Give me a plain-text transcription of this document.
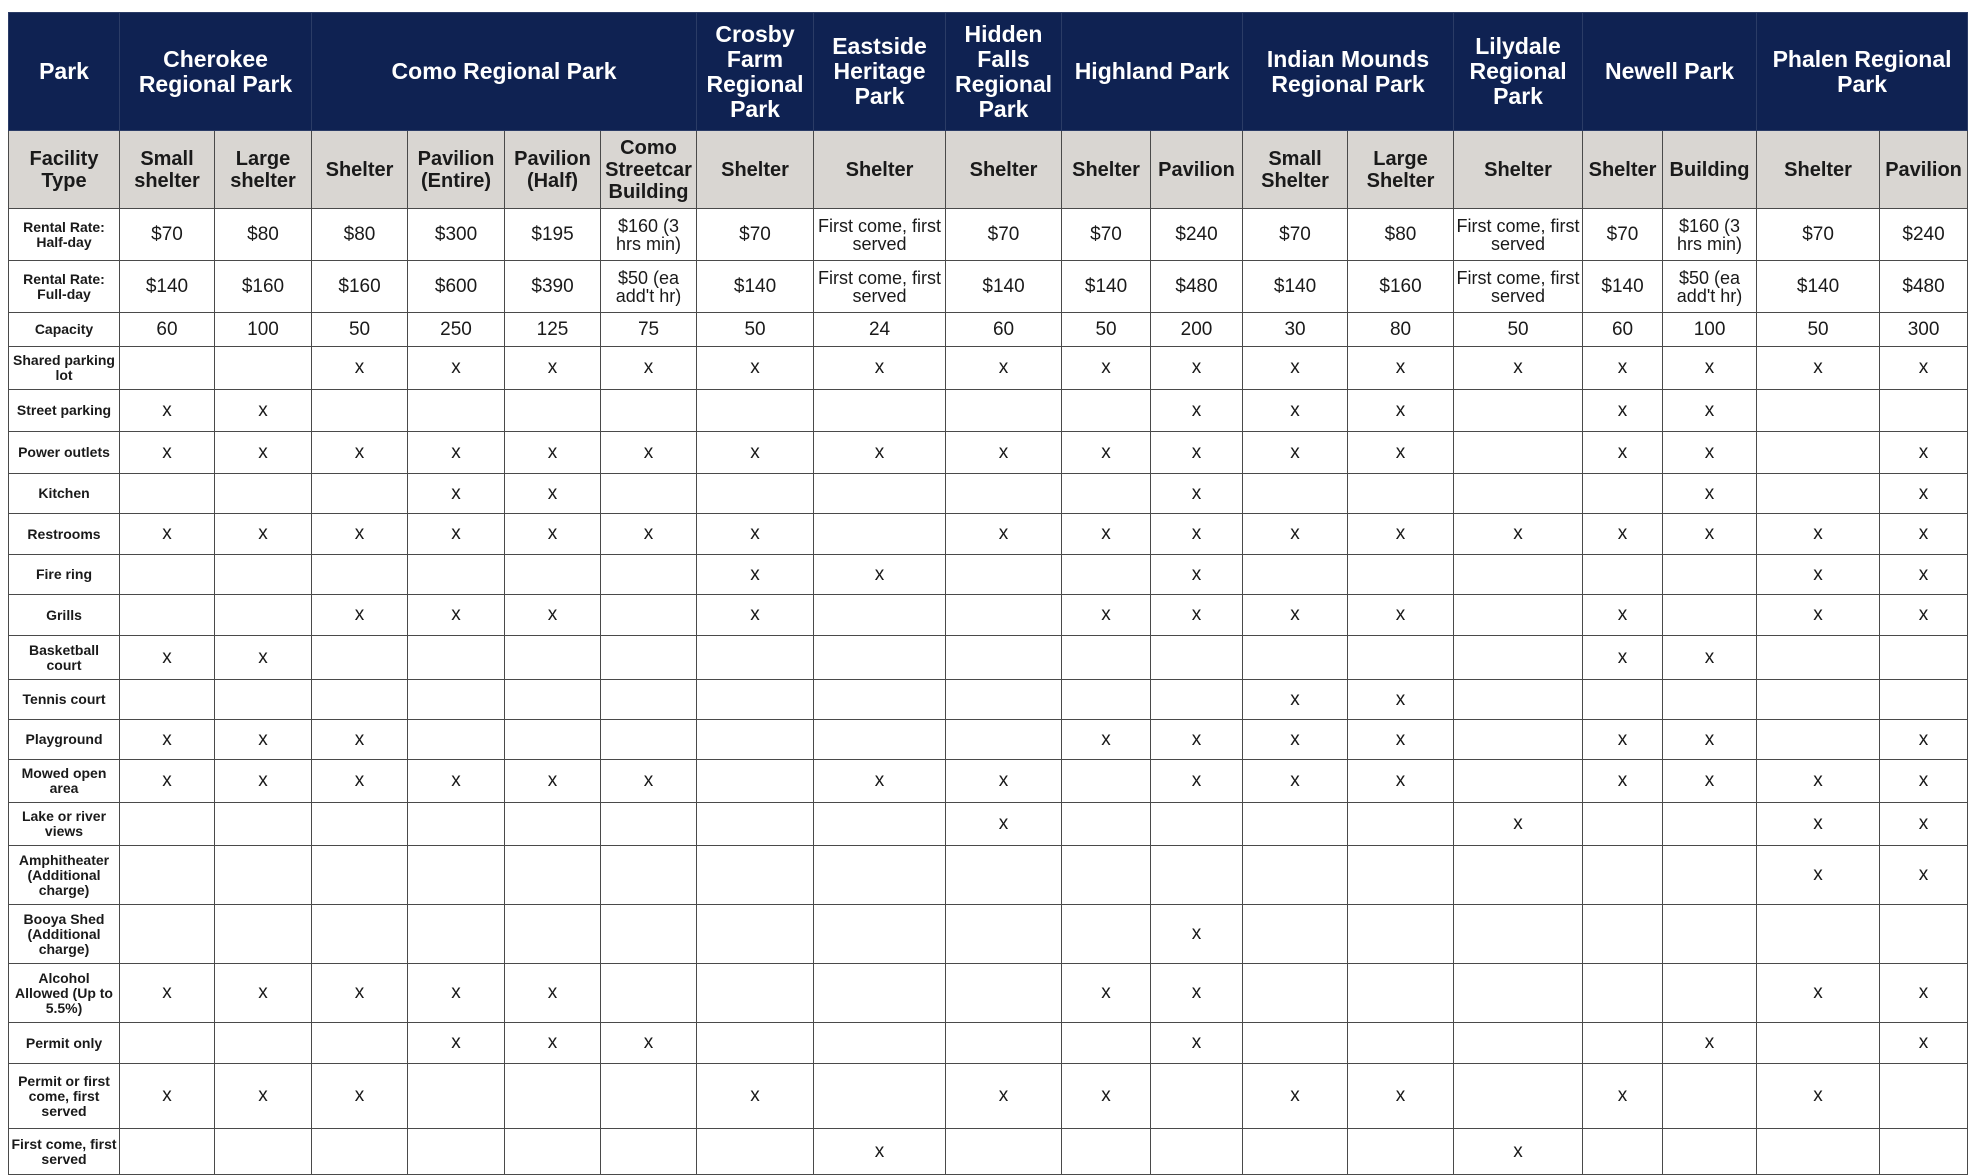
Park	Cherokee Regional Park		Como Regional Park				Crosby Farm Regional Park	Eastside Heritage Park	Hidden Falls Regional Park	Highland Park		Indian Mounds Regional Park		Lilydale Regional Park	Newell Park		Phalen Regional Park	
Facility Type	Small shelter	Large shelter	Shelter	Pavilion (Entire)	Pavilion (Half)	Como Streetcar Building	Shelter	Shelter	Shelter	Shelter	Pavilion	Small Shelter	Large Shelter	Shelter	Shelter	Building	Shelter	Pavilion
Rental Rate: Half-day	$70	$80	$80	$300	$195	$160 (3 hrs min)	$70	First come, first served	$70	$70	$240	$70	$80	First come, first served	$70	$160 (3 hrs min)	$70	$240
Rental Rate: Full-day	$140	$160	$160	$600	$390	$50 (ea add't hr)	$140	First come, first served	$140	$140	$480	$140	$160	First come, first served	$140	$50 (ea add't hr)	$140	$480
Capacity	60	100	50	250	125	75	50	24	60	50	200	30	80	50	60	100	50	300
Shared parking lot			x	x	x	x	x	x	x	x	x	x	x	x	x	x	x	x
Street parking	x	x									x	x	x		x	x		
Power outlets	x	x	x	x	x	x	x	x	x	x	x	x	x		x	x		x
Kitchen				x	x						x					x		x
Restrooms	x	x	x	x	x	x	x		x	x	x	x	x	x	x	x	x	x
Fire ring							x	x			x						x	x
Grills			x	x	x		x			x	x	x	x		x		x	x
Basketball court	x	x													x	x		
Tennis court												x	x					
Playground	x	x	x							x	x	x	x		x	x		x
Mowed open area	x	x	x	x	x	x		x	x		x	x	x		x	x	x	x
Lake or river views									x					x			x	x
Amphitheater (Additional charge)																	x	x
Booya Shed (Additional charge)											x							
Alcohol Allowed (Up to 5.5%)	x	x	x	x	x					x	x						x	x
Permit only				x	x	x					x					x		x
Permit or first come, first served	x	x	x				x		x	x		x	x		x		x	
First come, first served								x						x				
